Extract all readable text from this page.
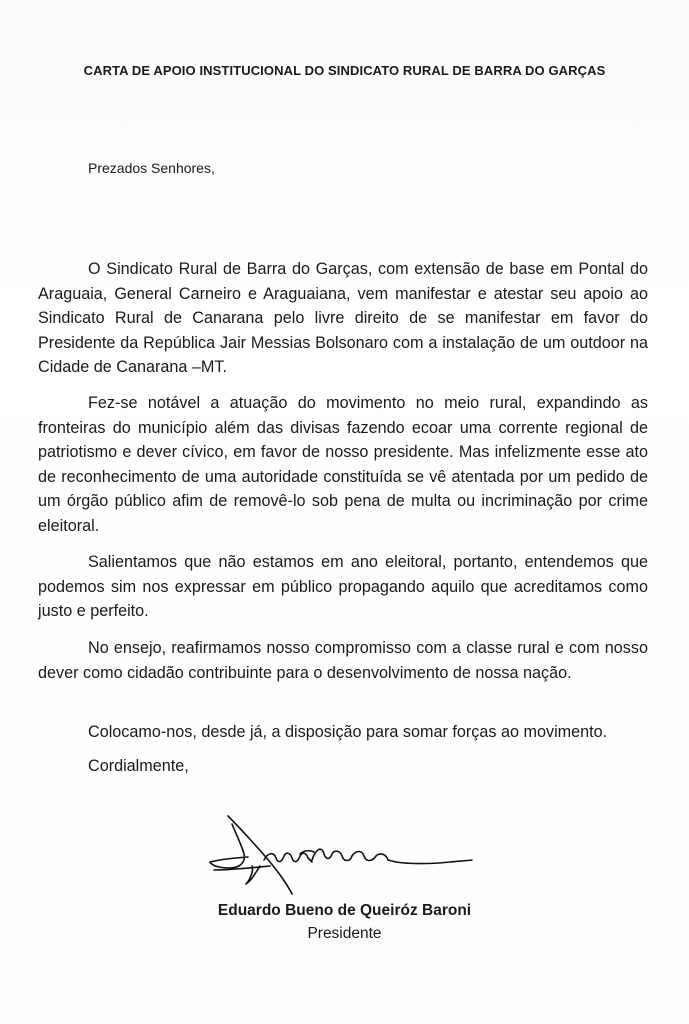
CARTA DE APOIO INSTITUCIONAL DO SINDICATO RURAL DE BARRA DO GARÇAS
Prezados Senhores,

O Sindicato Rural de Barra do Garças, com extensão de base em Pontal do Araguaia, General Carneiro e Araguaiana, vem manifestar e atestar seu apoio ao Sindicato Rural de Canarana pelo livre direito de se manifestar em favor do Presidente da República Jair Messias Bolsonaro com a instalação de um outdoor na Cidade de Canarana –MT.

Fez-se notável a atuação do movimento no meio rural, expandindo as fronteiras do município além das divisas fazendo ecoar uma corrente regional de patriotismo e dever cívico, em favor de nosso presidente. Mas infelizmente esse ato de reconhecimento de uma autoridade constituída se vê atentada por um pedido de um órgão público afim de removê-lo sob pena de multa ou incriminação por crime eleitoral.

Salientamos que não estamos em ano eleitoral, portanto, entendemos que podemos sim nos expressar em público propagando aquilo que acreditamos como justo e perfeito.

No ensejo, reafirmamos nosso compromisso com a classe rural e com nosso dever como cidadão contribuinte para o desenvolvimento de nossa nação.

Colocamo-nos, desde já, a disposição para somar forças ao movimento.

Cordialmente,
Eduardo Bueno de Queiróz Baroni
Presidente
